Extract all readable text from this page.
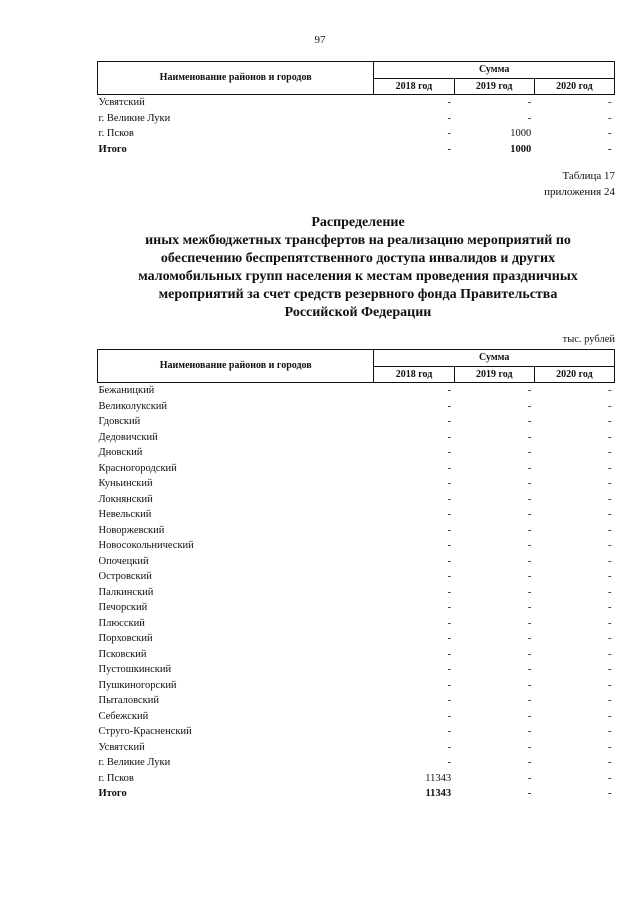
97
Наименование районов и городов	Сумма		
	2018 год	2019 год	2020 год
Усвятский	-	-	-
г. Великие Луки	-	-	-
г. Псков	-	1000	-
Итого	-	1000	-
Таблица 17
приложения 24
Распределение
иных межбюджетных трансфертов на реализацию мероприятий по
обеспечению беспрепятственного доступа инвалидов и других
маломобильных групп населения к местам проведения праздничных
мероприятий за счет средств резервного фонда Правительства
Российской Федерации
тыс. рублей
Наименование районов и городов	Сумма		
	2018 год	2019 год	2020 год
Бежаницкий	-	-	-
Великолукский	-	-	-
Гдовский	-	-	-
Дедовичский	-	-	-
Дновский	-	-	-
Красногородский	-	-	-
Куньинский	-	-	-
Локнянский	-	-	-
Невельский	-	-	-
Новоржевский	-	-	-
Новосокольнический	-	-	-
Опочецкий	-	-	-
Островский	-	-	-
Палкинский	-	-	-
Печорский	-	-	-
Плюсский	-	-	-
Порховский	-	-	-
Псковский	-	-	-
Пустошкинский	-	-	-
Пушкиногорский	-	-	-
Пыталовский	-	-	-
Себежский	-	-	-
Струго-Красненский	-	-	-
Усвятский	-	-	-
г. Великие Луки	-	-	-
г. Псков	11343	-	-
Итого	11343	-	-
